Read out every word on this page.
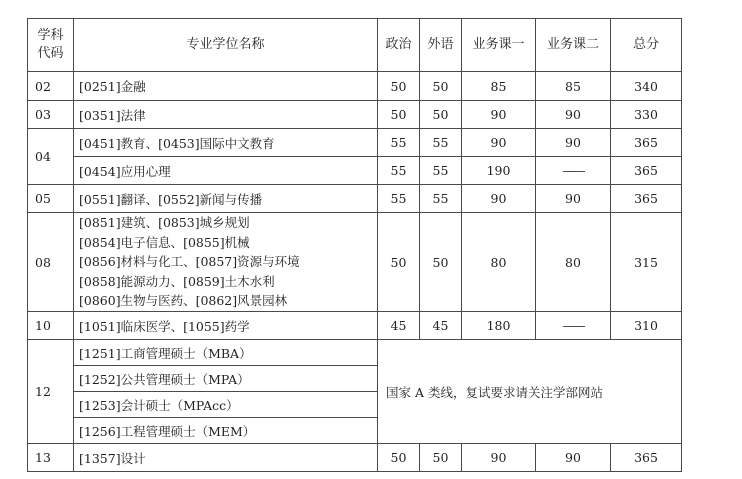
学科
代码	专业学位名称	政治	外语	业务课一	业务课二	总分
02	[0251]金融	50	50	85	85	340
03	[0351]法律	50	50	90	90	330
04	[0451]教育、[0453]国际中文教育	55	55	90	90	365
	[0454]应用心理	55	55	190	——	365
05	[0551]翻译、[0552]新闻与传播	55	55	90	90	365
08	[0851]建筑、[0853]城乡规划
[0854]电子信息、[0855]机械
[0856]材料与化工、[0857]资源与环境
[0858]能源动力、[0859]土木水利
[0860]生物与医药、[0862]风景园林	50	50	80	80	315
10	[1051]临床医学、[1055]药学	45	45	180	——	310
12	[1251]工商管理硕士（MBA）	国家 A 类线，复试要求请关注学部网站				
	[1252]公共管理硕士（MPA）					
	[1253]会计硕士（MPAcc）					
	[1256]工程管理硕士（MEM）					
13	[1357]设计	50	50	90	90	365
